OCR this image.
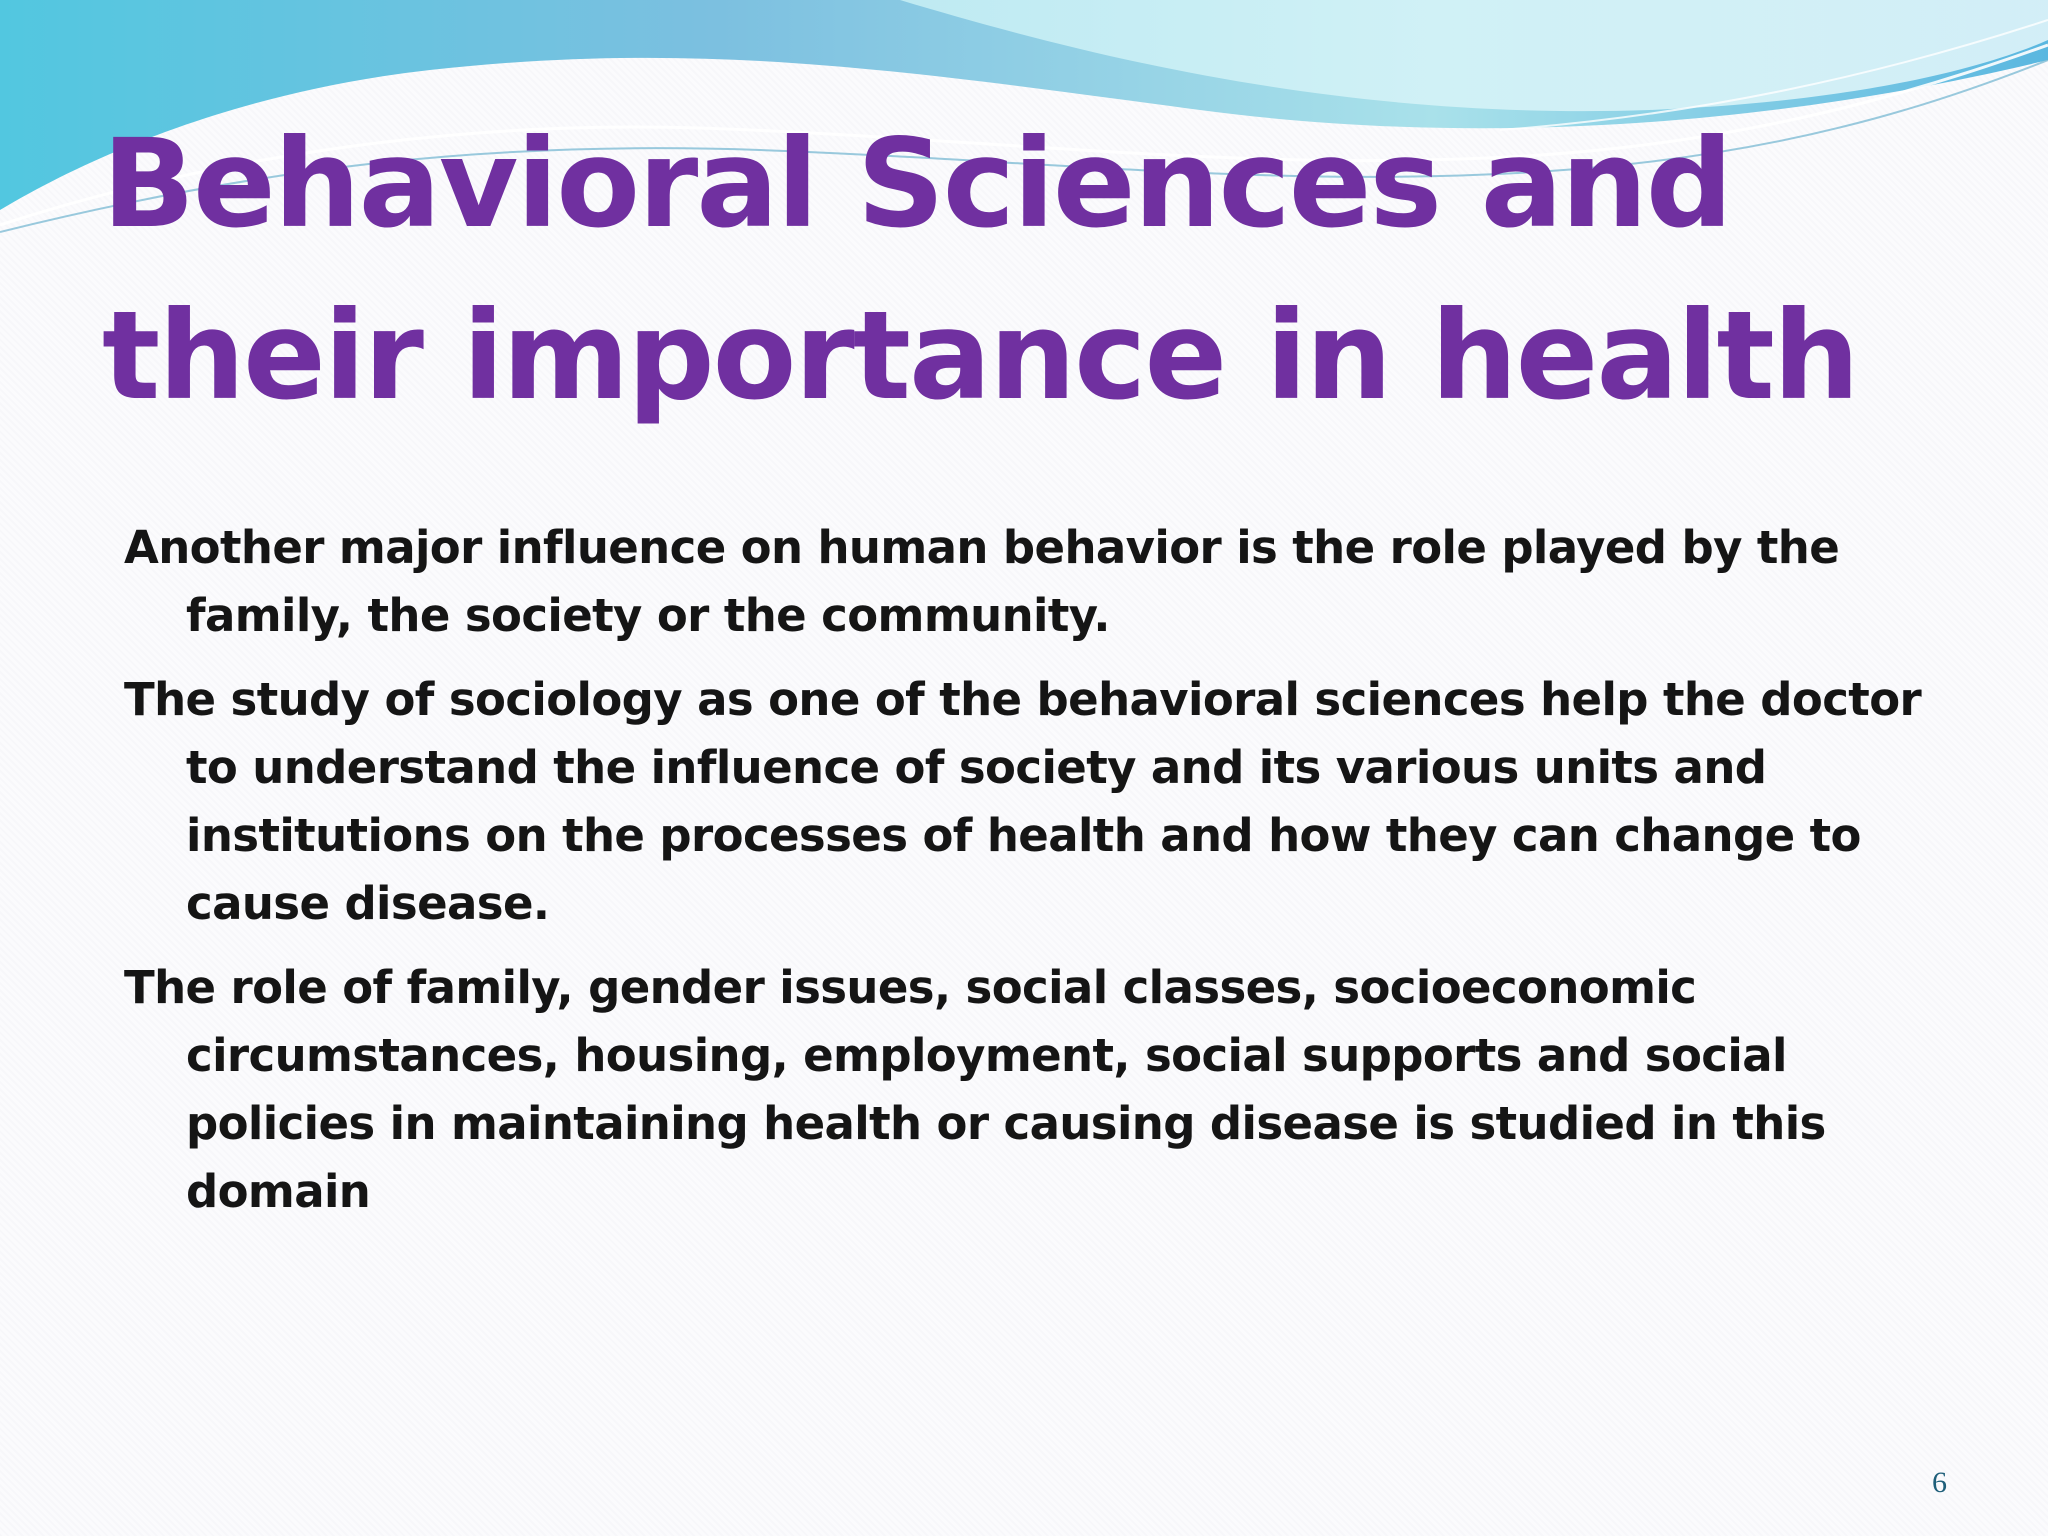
Behavioral Sciences and their importance in health
Another major influence on human behavior is the role played by the family, the society or the community.
The study of sociology as one of the behavioral sciences help the doctor to understand the influence of society and its various units and institutions on the processes of health and how they can change to cause disease.
The role of family, gender issues, social classes, socioeconomic circumstances, housing, employment, social supports and social policies in maintaining health or causing disease is studied in this domain
6
